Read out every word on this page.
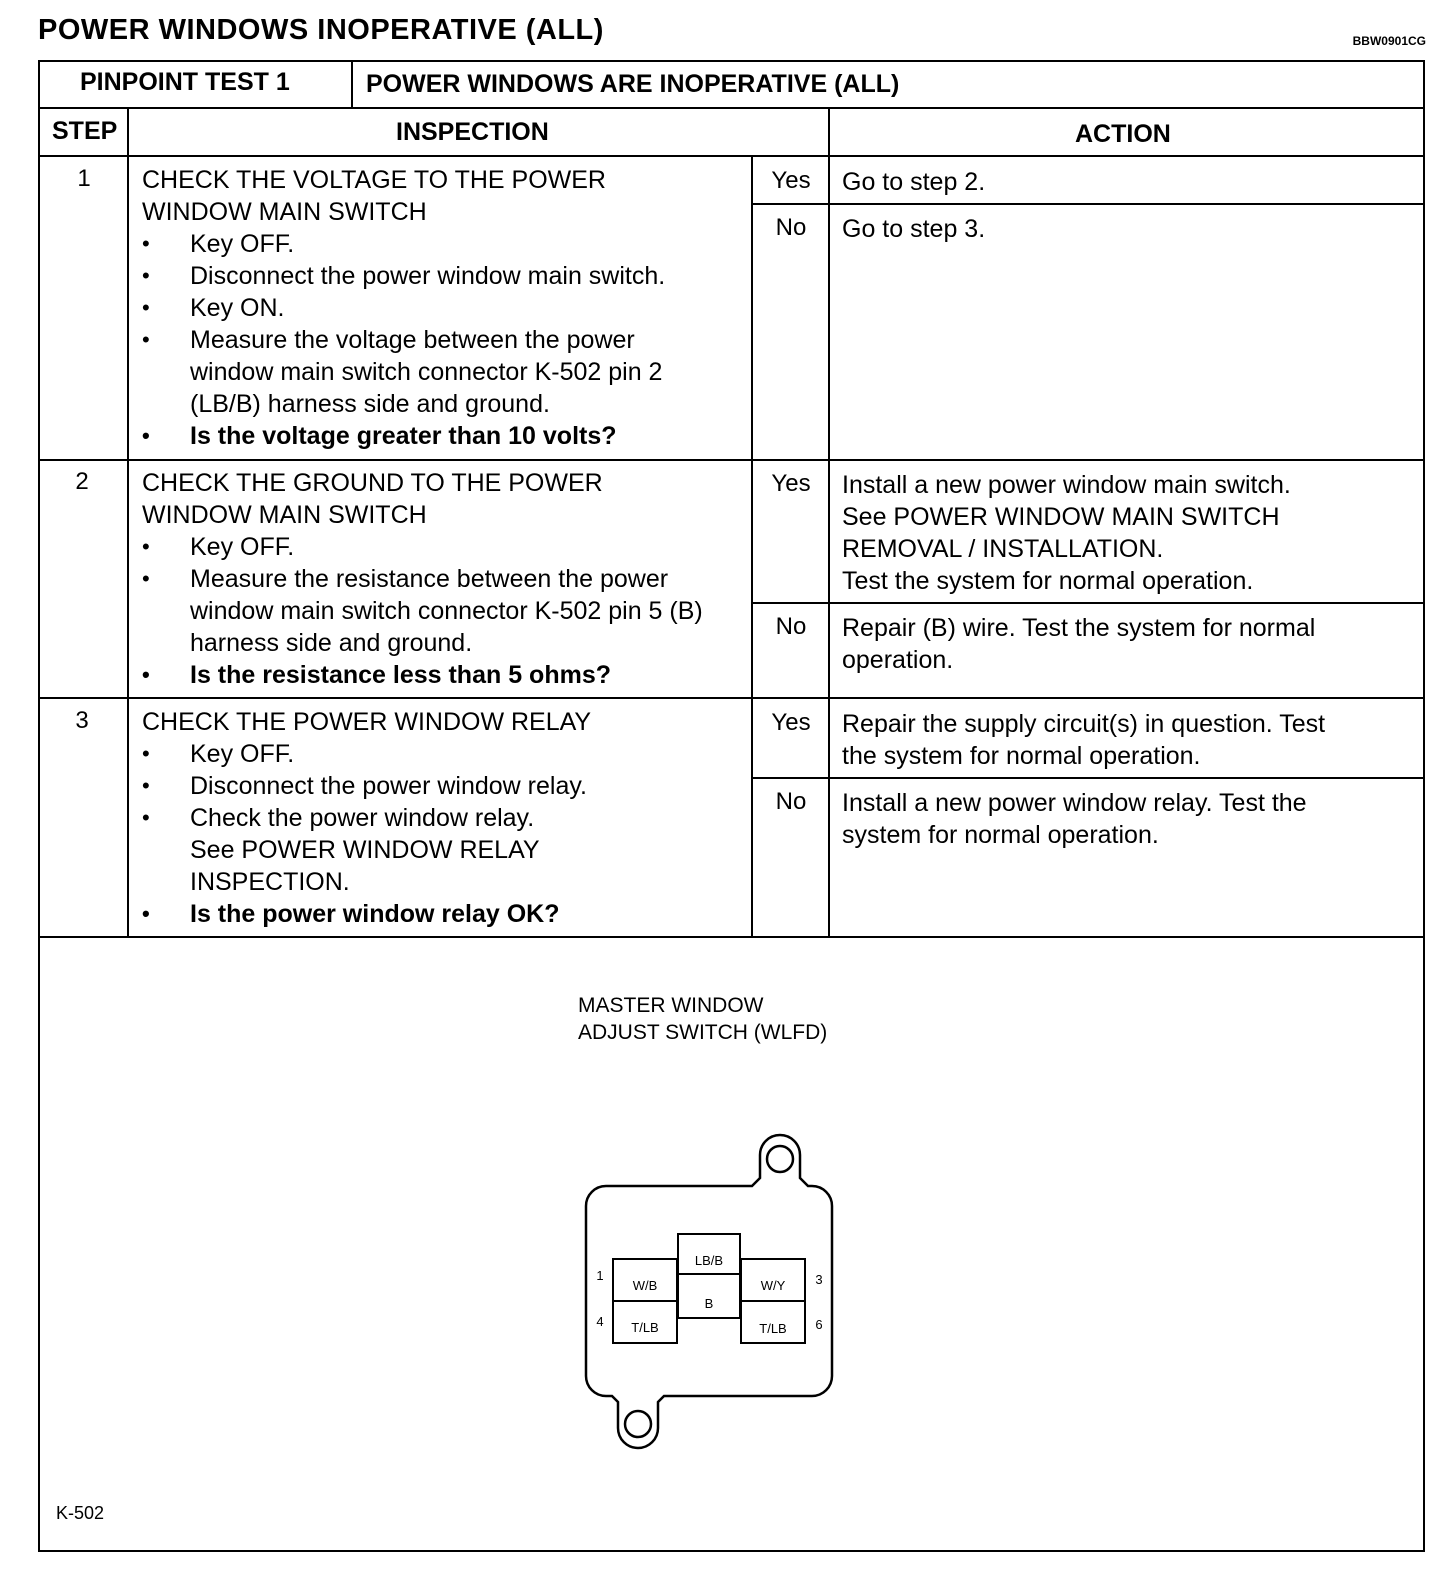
POWER WINDOWS INOPERATIVE (ALL)	BBW0901CG
PINPOINT TEST 1	POWER WINDOWS ARE INOPERATIVE (ALL)
STEP	INSPECTION	ACTION
1	CHECK THE VOLTAGE TO THE POWER
WINDOW MAIN SWITCH
• Key OFF.
• Disconnect the power window main switch.
• Key ON.
• Measure the voltage between the power window main switch connector K-502 pin 2 (LB/B) harness side and ground.
• Is the voltage greater than 10 volts?
Yes	Go to step 2.
No	Go to step 3.
2	CHECK THE GROUND TO THE POWER
WINDOW MAIN SWITCH
• Key OFF.
• Measure the resistance between the power window main switch connector K-502 pin 5 (B) harness side and ground.
• Is the resistance less than 5 ohms?
Yes	Install a new power window main switch.
See POWER WINDOW MAIN SWITCH
REMOVAL / INSTALLATION.
Test the system for normal operation.
No	Repair (B) wire. Test the system for normal
operation.
3	CHECK THE POWER WINDOW RELAY
• Key OFF.
• Disconnect the power window relay.
• Check the power window relay.
See POWER WINDOW RELAY INSPECTION.
• Is the power window relay OK?
Yes	Repair the supply circuit(s) in question. Test
the system for normal operation.
No	Install a new power window relay. Test the
system for normal operation.
MASTER WINDOW
ADJUST SWITCH (WLFD)
W/B
T/LB
LB/B
B
W/Y
T/LB
1
4
3
6
K-502
